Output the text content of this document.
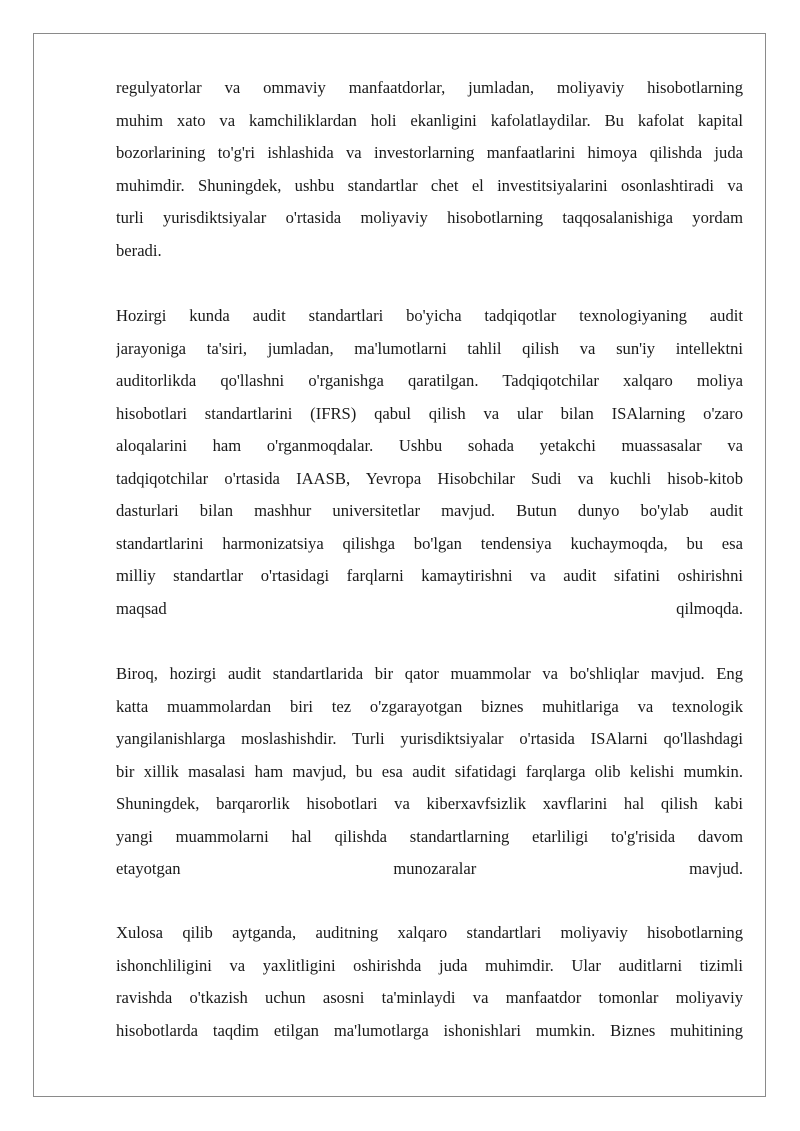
regulyatorlar va ommaviy manfaatdorlar, jumladan, moliyaviy hisobotlarning
muhim xato va kamchiliklardan holi ekanligini kafolatlaydilar. Bu kafolat kapital
bozorlarining to'g'ri ishlashida va investorlarning manfaatlarini himoya qilishda juda
muhimdir. Shuningdek, ushbu standartlar chet el investitsiyalarini osonlashtiradi va
turli yurisdiktsiyalar o'rtasida moliyaviy hisobotlarning taqqosalanishiga yordam
beradi.
Hozirgi kunda audit standartlari bo'yicha tadqiqotlar texnologiyaning audit
jarayoniga ta'siri, jumladan, ma'lumotlarni tahlil qilish va sun'iy intellektni
auditorlikda qo'llashni o'rganishga qaratilgan. Tadqiqotchilar xalqaro moliya
hisobotlari standartlarini (IFRS) qabul qilish va ular bilan ISAlarning o'zaro
aloqalarini ham o'rganmoqdalar. Ushbu sohada yetakchi muassasalar va
tadqiqotchilar o'rtasida IAASB, Yevropa Hisobchilar Sudi va kuchli hisob-kitob
dasturlari bilan mashhur universitetlar mavjud. Butun dunyo bo'ylab audit
standartlarini harmonizatsiya qilishga bo'lgan tendensiya kuchaymoqda, bu esa
milliy standartlar o'rtasidagi farqlarni kamaytirishni va audit sifatini oshirishni
maqsad qilmoqda.
Biroq, hozirgi audit standartlarida bir qator muammolar va bo'shliqlar mavjud. Eng
katta muammolardan biri tez o'zgarayotgan biznes muhitlariga va texnologik
yangilanishlarga moslashishdir. Turli yurisdiktsiyalar o'rtasida ISAlarni qo'llashdagi
bir xillik masalasi ham mavjud, bu esa audit sifatidagi farqlarga olib kelishi mumkin.
Shuningdek, barqarorlik hisobotlari va kiberxavfsizlik xavflarini hal qilish kabi
yangi muammolarni hal qilishda standartlarning etarliligi to'g'risida davom
etayotgan munozaralar mavjud.
Xulosa qilib aytganda, auditning xalqaro standartlari moliyaviy hisobotlarning
ishonchliligini va yaxlitligini oshirishda juda muhimdir. Ular auditlarni tizimli
ravishda o'tkazish uchun asosni ta'minlaydi va manfaatdor tomonlar moliyaviy
hisobotlarda taqdim etilgan ma'lumotlarga ishonishlari mumkin. Biznes muhitining
